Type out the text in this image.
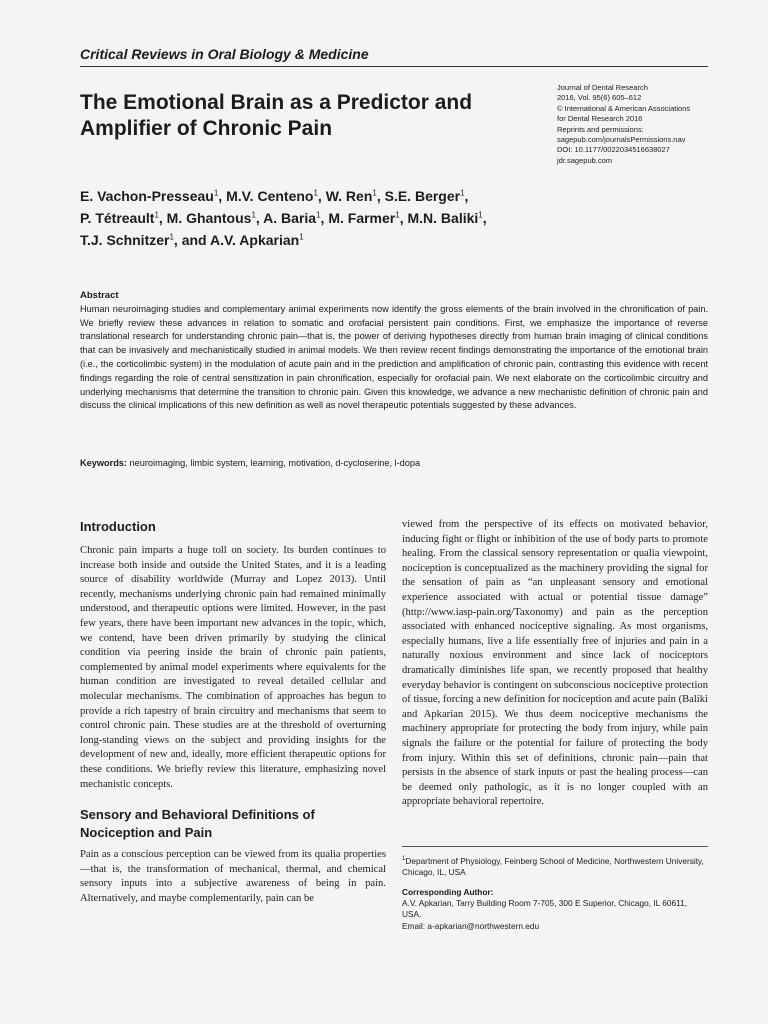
Critical Reviews in Oral Biology & Medicine
The Emotional Brain as a Predictor and Amplifier of Chronic Pain
Journal of Dental Research
2016, Vol. 95(6) 605–612
© International & American Associations
for Dental Research 2016
Reprints and permissions:
sagepub.com/journalsPermissions.nav
DOI: 10.1177/0022034516638027
jdr.sagepub.com
E. Vachon-Presseau$^1$, M.V. Centeno$^1$, W. Ren$^1$, S.E. Berger$^1$,
P. Tétreault$^1$, M. Ghantous$^1$, A. Baria$^1$, M. Farmer$^1$, M.N. Baliki$^1$,
T.J. Schnitzer$^1$, and A.V. Apkarian$^1$
Abstract

Human neuroimaging studies and complementary animal experiments now identify the gross elements of the brain involved in the chronification of pain. We briefly review these advances in relation to somatic and orofacial persistent pain conditions. First, we emphasize the importance of reverse translational research for understanding chronic pain—that is, the power of deriving hypotheses directly from human brain imaging of clinical conditions that can be invasively and mechanistically studied in animal models. We then review recent findings demonstrating the importance of the emotional brain (i.e., the corticolimbic system) in the modulation of acute pain and in the prediction and amplification of chronic pain, contrasting this evidence with recent findings regarding the role of central sensitization in pain chronification, especially for orofacial pain. We next elaborate on the corticolimbic circuitry and underlying mechanisms that determine the transition to chronic pain. Given this knowledge, we advance a new mechanistic definition of chronic pain and discuss the clinical implications of this new definition as well as novel therapeutic potentials suggested by these advances.

Keywords: neuroimaging, limbic system, learning, motivation, d-cycloserine, l-dopa
Introduction

Chronic pain imparts a huge toll on society. Its burden continues to increase both inside and outside the United States, and it is a leading source of disability worldwide (Murray and Lopez 2013). Until recently, mechanisms underlying chronic pain had remained minimally understood, and therapeutic options were limited. However, in the past few years, there have been important new advances in the topic, which, we contend, have been driven primarily by studying the clinical condition via peering inside the brain of chronic pain patients, complemented by animal model experiments where equivalents for the human condition are investigated to reveal detailed cellular and molecular mechanisms. The combination of approaches has begun to provide a rich tapestry of brain circuitry and mechanisms that seem to control chronic pain. These studies are at the threshold of overturning long-standing views on the subject and providing insights for the development of new and, ideally, more efficient therapeutic options for these conditions. We briefly review this literature, emphasizing novel mechanistic concepts.

Sensory and Behavioral Definitions of Nociception and Pain

Pain as a conscious perception can be viewed from its qualia properties—that is, the transformation of mechanical, thermal, and chemical sensory inputs into a subjective awareness of being in pain. Alternatively, and maybe complementarily, pain can be

viewed from the perspective of its effects on motivated behavior, inducing fight or flight or inhibition of the use of body parts to promote healing. From the classical sensory representation or qualia viewpoint, nociception is conceptualized as the machinery providing the signal for the sensation of pain as “an unpleasant sensory and emotional experience associated with actual or potential tissue damage” (http://www.iasp-pain.org/Taxonomy) and pain as the perception associated with enhanced nociceptive signaling. As most organisms, especially humans, live a life essentially free of injuries and pain in a naturally noxious environment and since lack of nociceptors dramatically diminishes life span, we recently proposed that healthy everyday behavior is contingent on subconscious nociceptive protection of tissue, forcing a new definition for nociception and acute pain (Baliki and Apkarian 2015). We thus deem nociceptive mechanisms the machinery appropriate for protecting the body from injury, while pain signals the failure or the potential for failure of protecting the body from injury. Within this set of definitions, chronic pain—pain that persists in the absence of stark inputs or past the healing process—can be deemed only pathologic, as it is no longer coupled with an appropriate behavioral repertoire.

$^1$Department of Physiology, Feinberg School of Medicine, Northwestern University, Chicago, IL, USA

Corresponding Author:

A.V. Apkarian, Tarry Building Room 7-705, 300 E Superior, Chicago, IL 60611, USA.

Email: a-apkarian@northwestern.edu
